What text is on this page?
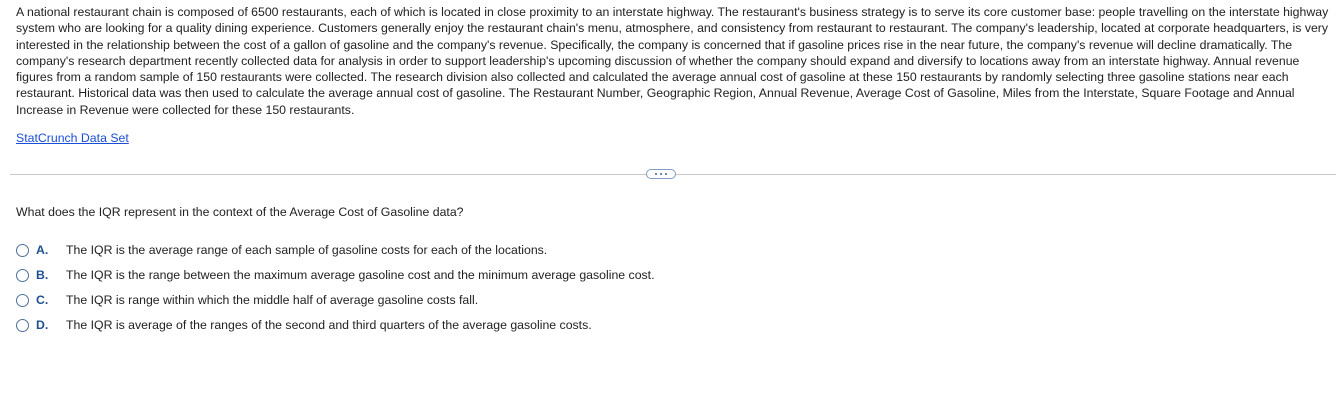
A national restaurant chain is composed of 6500 restaurants, each of which is located in close proximity to an interstate highway. The restaurant's business strategy is to serve its core customer base: people travelling on the interstate highway system who are looking for a quality dining experience. Customers generally enjoy the restaurant chain's menu, atmosphere, and consistency from restaurant to restaurant. The company's leadership, located at corporate headquarters, is very interested in the relationship between the cost of a gallon of gasoline and the company's revenue. Specifically, the company is concerned that if gasoline prices rise in the near future, the company's revenue will decline dramatically. The company's research department recently collected data for analysis in order to support leadership's upcoming discussion of whether the company should expand and diversify to locations away from an interstate highway. Annual revenue figures from a random sample of 150 restaurants were collected. The research division also collected and calculated the average annual cost of gasoline at these 150 restaurants by randomly selecting three gasoline stations near each restaurant. Historical data was then used to calculate the average annual cost of gasoline. The Restaurant Number, Geographic Region, Annual Revenue, Average Cost of Gasoline, Miles from the Interstate, Square Footage and Annual Increase in Revenue were collected for these 150 restaurants.

StatCrunch Data Set
What does the IQR represent in the context of the Average Cost of Gasoline data?
A.	The IQR is the average range of each sample of gasoline costs for each of the locations.
B.	The IQR is the range between the maximum average gasoline cost and the minimum average gasoline cost.
C.	The IQR is range within which the middle half of average gasoline costs fall.
D.	The IQR is average of the ranges of the second and third quarters of the average gasoline costs.
